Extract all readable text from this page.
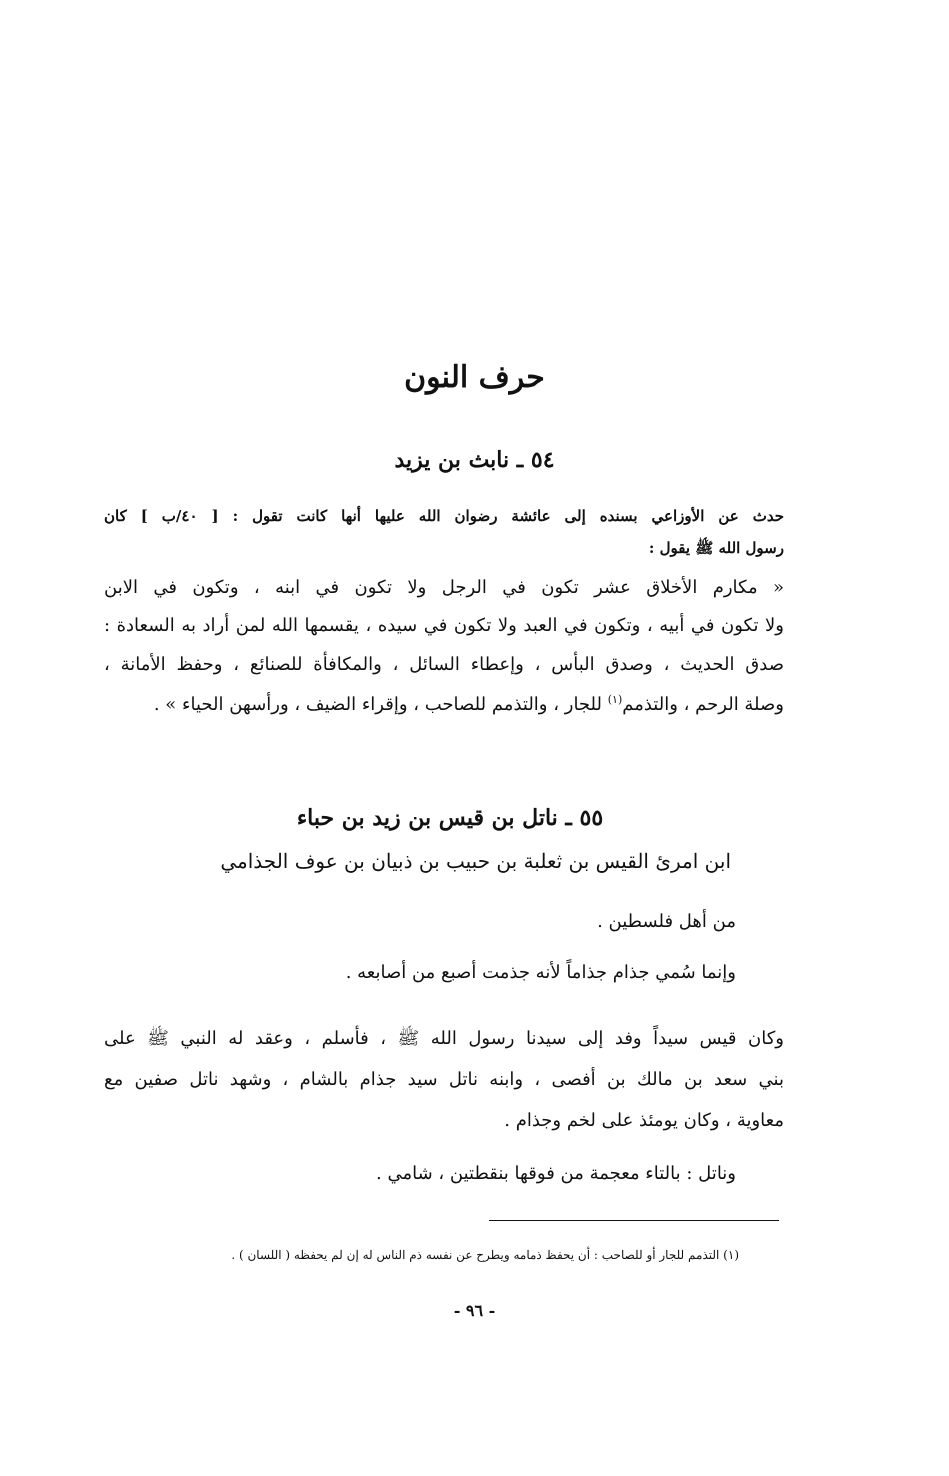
حرف النون
٥٤ ـ نابث بن يزيد
حدث عن الأوزاعي بسنده إلى عائشة رضوان الله عليها أنها كانت تقول : [ ٤٠/ب ] كان
رسول الله ﷺ يقول :
« مكارم الأخلاق عشر تكون في الرجل ولا تكون في ابنه ، وتكون في الابن
ولا تكون في أبيه ، وتكون في العبد ولا تكون في سيده ، يقسمها الله لمن أراد به السعادة :
صدق الحديث ، وصدق البأس ، وإعطاء السائل ، والمكافأة للصنائع ، وحفظ الأمانة ،
وصلة الرحم ، والتذمم$^{(١)}$ للجار ، والتذمم للصاحب ، وإقراء الضيف ، ورأسهن الحياء » .
٥٥ ـ ناتل بن قيس بن زيد بن حباء
ابن امرئ القيس بن ثعلبة بن حبيب بن ذبيان بن عوف الجذامي
من أهل فلسطين .
وإنما سُمي جذام جذاماً لأنه جذمت أصبع من أصابعه .
وكان قيس سيداً وفد إلى سيدنا رسول الله ﷺ ، فأسلم ، وعقد له النبي ﷺ على
بني سعد بن مالك بن أفصى ، وابنه ناتل سيد جذام بالشام ، وشهد ناتل صفين مع
معاوية ، وكان يومئذ على لخم وجذام .
وناتل : بالتاء معجمة من فوقها بنقطتين ، شامي .
(١) التذمم للجار أو للصاحب : أن يحفظ ذمامه ويطرح عن نفسه ذم الناس له إن لم يحفظه ( اللسان ) .
- ٩٦ -
